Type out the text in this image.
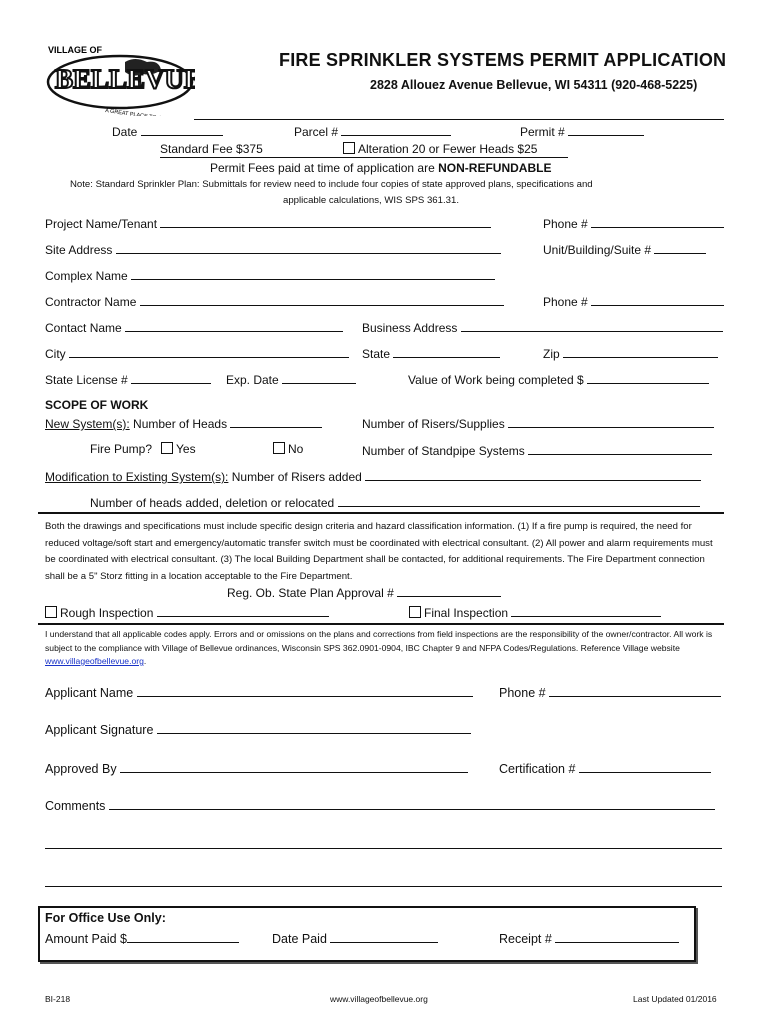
VILLAGE OF
BELLEVUE
A GREAT PLACE TO GROW
FIRE SPRINKLER SYSTEMS PERMIT APPLICATION
2828 Allouez Avenue Bellevue, WI 54311 (920-468-5225)
Date	Parcel #	Permit #
Standard Fee $375	Alteration 20 or Fewer Heads $25
Permit Fees paid at time of application are NON-REFUNDABLE
Note: Standard Sprinkler Plan: Submittals for review need to include four copies of state approved plans, specifications and
applicable calculations, WIS SPS 361.31.
Project Name/Tenant	Phone #
Site Address	Unit/Building/Suite #
Complex Name
Contractor Name	Phone #
Contact Name	Business Address
City	State	Zip
State License #	Exp. Date	Value of Work being completed $
SCOPE OF WORK
New System(s): Number of Heads	Number of Risers/Supplies
Fire Pump?	Yes	No	Number of Standpipe Systems
Modification to Existing System(s): Number of Risers added
Number of heads added, deletion or relocated
Both the drawings and specifications must include specific design criteria and hazard classification information. (1) If a fire pump is required, the need for reduced voltage/soft start and emergency/automatic transfer switch must be coordinated with electrical consultant. (2) All power and alarm requirements must be coordinated with electrical consultant. (3) The local Building Department shall be contacted, for additional requirements. The Fire Department connection shall be a 5" Storz fitting in a location acceptable to the Fire Department.
Reg. Ob. State Plan Approval #
Rough Inspection	Final Inspection
I understand that all applicable codes apply. Errors and or omissions on the plans and corrections from field inspections are the responsibility of the owner/contractor. All work is subject to the compliance with Village of Bellevue ordinances, Wisconsin SPS 362.0901-0904, IBC Chapter 9 and NFPA Codes/Regulations. Reference Village website www.villageofbellevue.org.
Applicant Name	Phone #
Applicant Signature
Approved By	Certification #
Comments
For Office Use Only:
Amount Paid $	Date Paid	Receipt #
BI-218	www.villageofbellevue.org	Last Updated 01/2016
